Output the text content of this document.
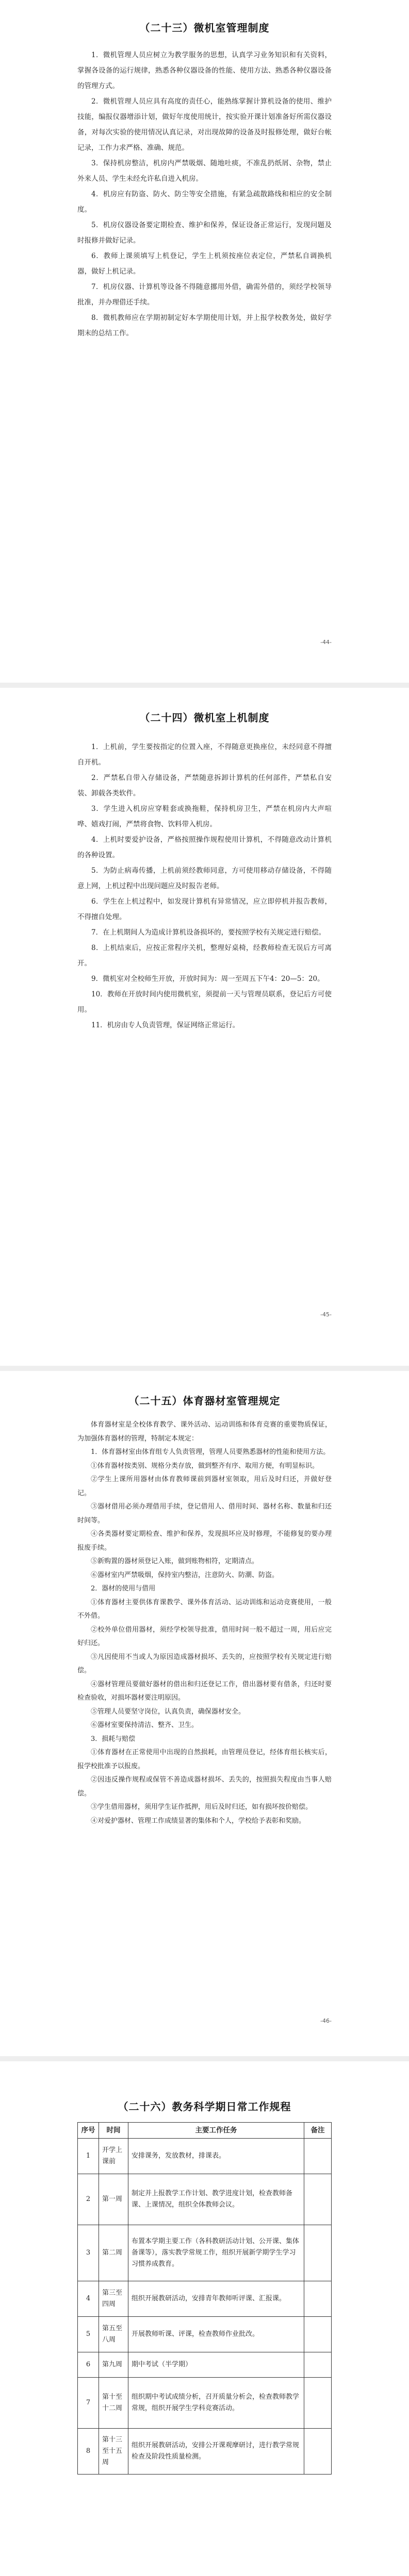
（二十三）微机室管理制度

1．微机管理人员应树立为教学服务的思想，认真学习业务知识和有关资料，掌握各设备的运行规律，熟悉各种仪器设备的性能、使用方法、熟悉各种仪器设备的管理方式。

2．微机管理人员应具有高度的责任心，能熟练掌握计算机设备的使用、维护技能，编报仪器增添计划，做好年度使用统计，按实验开课计划准备好所需仪器设备，对每次实验的使用情况认真记录，对出现故障的设备及时报修处理，做好台帐记录，工作力求严格、准确、规范。

3．保持机房整洁，机房内严禁吸烟、随地吐痰，不准乱扔纸屑、杂物，禁止外来人员、学生未经允许私自进入机房。

4．机房应有防盗、防火、防尘等安全措施，有紧急疏散路线和相应的安全制度。

5．机房仪器设备要定期检查、维护和保养，保证设备正常运行，发现问题及时报修并做好记录。

6．教师上课须填写上机登记，学生上机须按座位表定位，严禁私自调换机器，做好上机记录。

7．机房仪器、计算机等设备不得随意挪用外借，确需外借的，须经学校领导批准，并办理借还手续。

8．微机教师应在学期初制定好本学期使用计划，并上报学校教务处，做好学期末的总结工作。

-44-
（二十四）微机室上机制度

1．上机前，学生要按指定的位置入座，不得随意更换座位，未经同意不得擅自开机。

2．严禁私自带入存储设备，严禁随意拆卸计算机的任何部件，严禁私自安装、卸载各类软件。

3．学生进入机房应穿鞋套或换拖鞋，保持机房卫生，严禁在机房内大声喧哗、嬉戏打闹，严禁将食物、饮料带入机房。

4．上机时要爱护设备，严格按照操作规程使用计算机，不得随意改动计算机的各种设置。

5．为防止病毒传播，上机前须经教师同意，方可使用移动存储设备，不得随意上网，上机过程中出现问题应及时报告老师。

6．学生在上机过程中，如发现计算机有异常情况，应立即停机并报告教师，不得擅自处理。

7．在上机期间人为造成计算机设备损坏的，要按照学校有关规定进行赔偿。

8．上机结束后，应按正常程序关机，整理好桌椅，经教师检查无误后方可离开。

9．微机室对全校师生开放，开放时间为：周一至周五下午4：20—5：20。

10．教师在开放时间内使用微机室，须提前一天与管理员联系，登记后方可使用。

11．机房由专人负责管理，保证网络正常运行。

-45-
（二十五）体育器材室管理规定

体育器材室是全校体育教学、课外活动、运动训练和体育竞赛的重要物质保证，为加强体育器材的管理，特制定本规定：

1．体育器材室由体育组专人负责管理，管理人员要熟悉器材的性能和使用方法。

①体育器材按类别、规格分类存放，做到整齐有序、取用方便，有明显标识。

②学生上课所用器材由体育教师课前到器材室领取，用后及时归还，并做好登记。

③器材借用必须办理借用手续，登记借用人、借用时间、器材名称、数量和归还时间等。

④各类器材要定期检查、维护和保养，发现损坏应及时修理，不能修复的要办理报废手续。

⑤新购置的器材须登记入账，做到账物相符，定期清点。

⑥器材室内严禁吸烟，保持室内整洁，注意防火、防潮、防盗。

2．器材的使用与借用

①体育器材主要供体育课教学、课外体育活动、运动训练和运动竞赛使用，一般不外借。

②校外单位借用器材，须经学校领导批准，借用时间一般不超过一周，用后应完好归还。

③凡因使用不当或人为原因造成器材损坏、丢失的，应按照学校有关规定进行赔偿。

④器材管理员要做好器材的借出和归还登记工作，借出器材要有借条，归还时要检查验收，对损坏器材要注明原因。

⑤管理人员要坚守岗位，认真负责，确保器材安全。

⑥器材室要保持清洁、整齐、卫生。

3．损耗与赔偿

①体育器材在正常使用中出现的自然损耗，由管理员登记，经体育组长核实后，报学校批准予以报废。

②因违反操作规程或保管不善造成器材损坏、丢失的，按照损失程度由当事人赔偿。

③学生借用器材，须用学生证作抵押，用后及时归还，如有损坏按价赔偿。

④对爱护器材、管理工作成绩显著的集体和个人，学校给予表彰和奖励。

-46-
（二十六）教务科学期日常工作规程
序号	时间	主要工作任务	备注
1	开学上课前	安排课务，发放教材，排课表。	
2	第一周	制定并上报教学工作计划、教学进度计划，检查教师备课、上课情况，组织全体教师会议。	
3	第二周	布置本学期主要工作（各科教研活动计划、公开课、集体备课等），落实教学常规工作，组织开展新学期学生学习习惯养成教育。	
4	第三至四周	组织开展教研活动，安排青年教师听评课、汇报课。	
5	第五至八周	开展教师听课、评课，检查教师作业批改。	
6	第九周	期中考试（半学期）	
7	第十至十二周	组织期中考试成绩分析，召开质量分析会，检查教师教学常规，组织开展学生学科竞赛活动。	
8	第十三至十五周	组织开展教研活动，安排公开课观摩研讨，进行教学常规检查及阶段性质量检测。	
